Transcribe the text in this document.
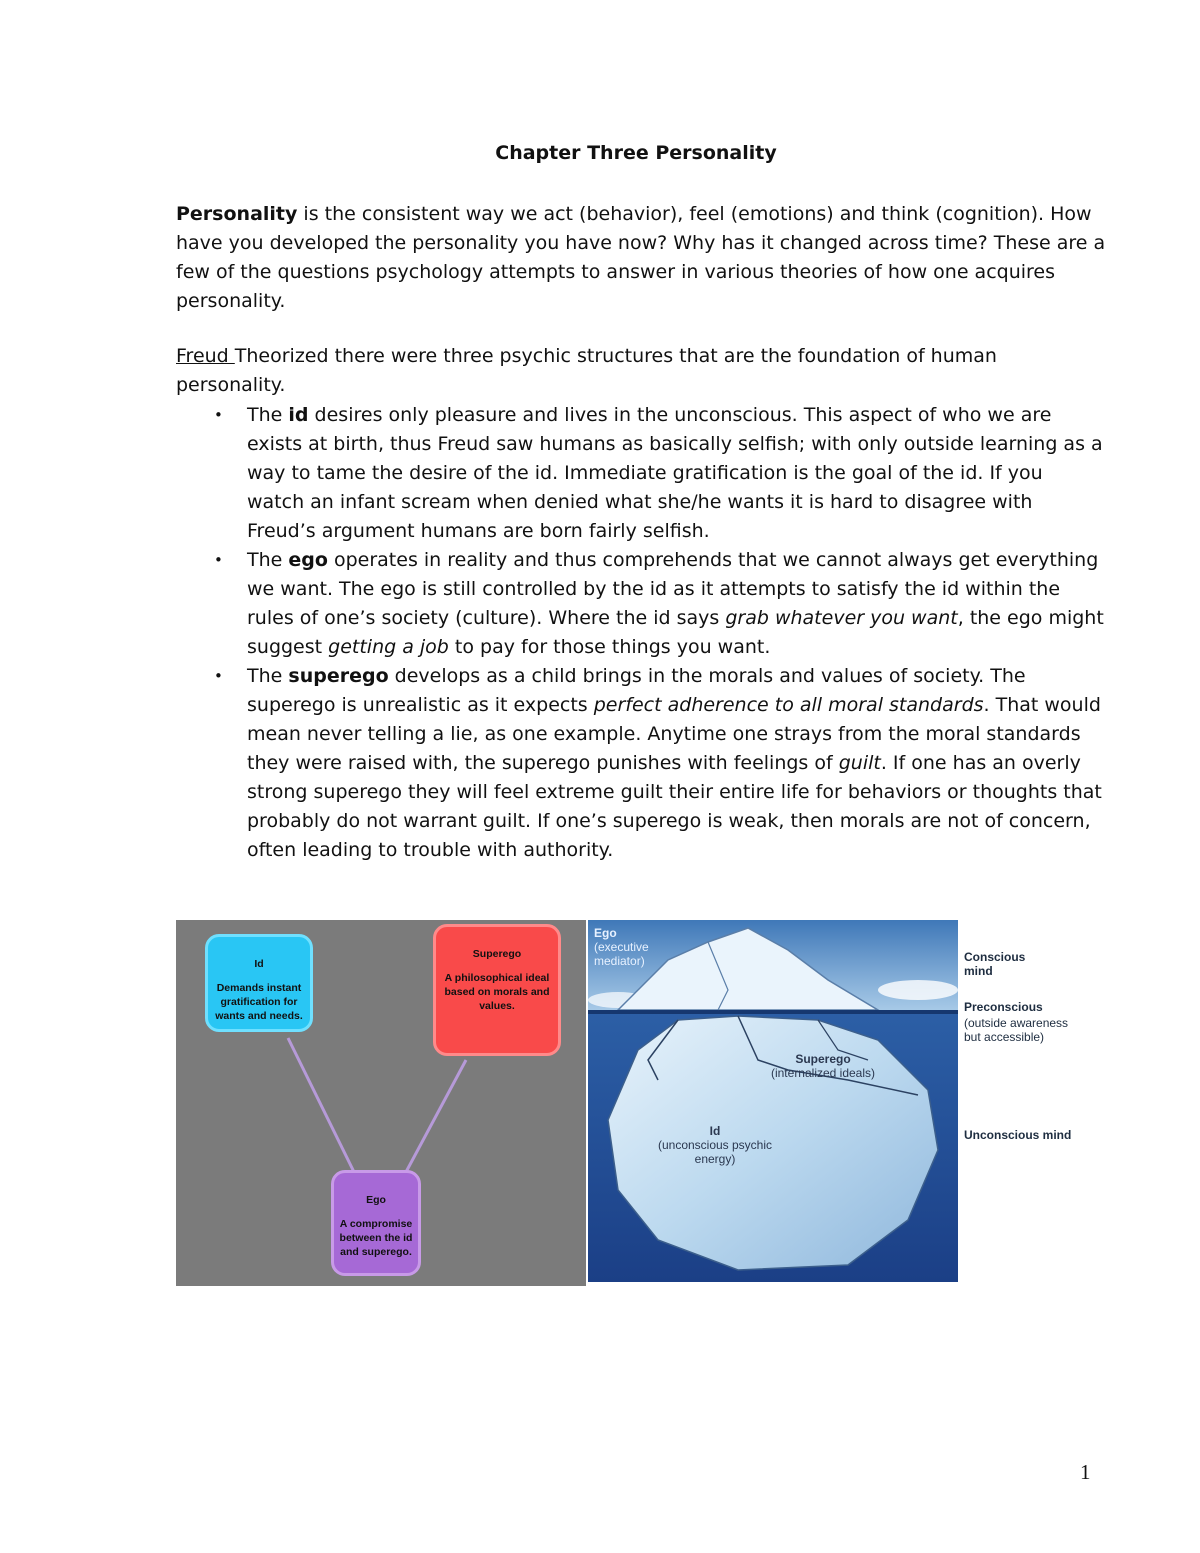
Chapter Three Personality

Personality is the consistent way we act (behavior), feel (emotions) and think (cognition). How have you developed the personality you have now? Why has it changed across time? These are a few of the questions psychology attempts to answer in various theories of how one acquires personality.

Freud Theorized there were three psychic structures that are the foundation of human personality.

• The id desires only pleasure and lives in the unconscious. This aspect of who we are exists at birth, thus Freud saw humans as basically selfish; with only outside learning as a way to tame the desire of the id. Immediate gratification is the goal of the id. If you watch an infant scream when denied what she/he wants it is hard to disagree with Freud’s argument humans are born fairly selfish.
• The ego operates in reality and thus comprehends that we cannot always get everything we want. The ego is still controlled by the id as it attempts to satisfy the id within the rules of one’s society (culture). Where the id says grab whatever you want, the ego might suggest getting a job to pay for those things you want.
• The superego develops as a child brings in the morals and values of society. The superego is unrealistic as it expects perfect adherence to all moral standards. That would mean never telling a lie, as one example. Anytime one strays from the moral standards they were raised with, the superego punishes with feelings of guilt. If one has an overly strong superego they will feel extreme guilt their entire life for behaviors or thoughts that probably do not warrant guilt. If one’s superego is weak, then morals are not of concern, often leading to trouble with authority.
Id
Demands instant gratification for wants and needs.
Superego
A philosophical ideal based on morals and values.
Ego
A compromise between the id and superego.
Ego
(executive mediator)
Superego
(internalized ideals)
Id
(unconscious psychic energy)
Conscious mind
Preconscious
(outside awareness but accessible)
Unconscious mind
1
